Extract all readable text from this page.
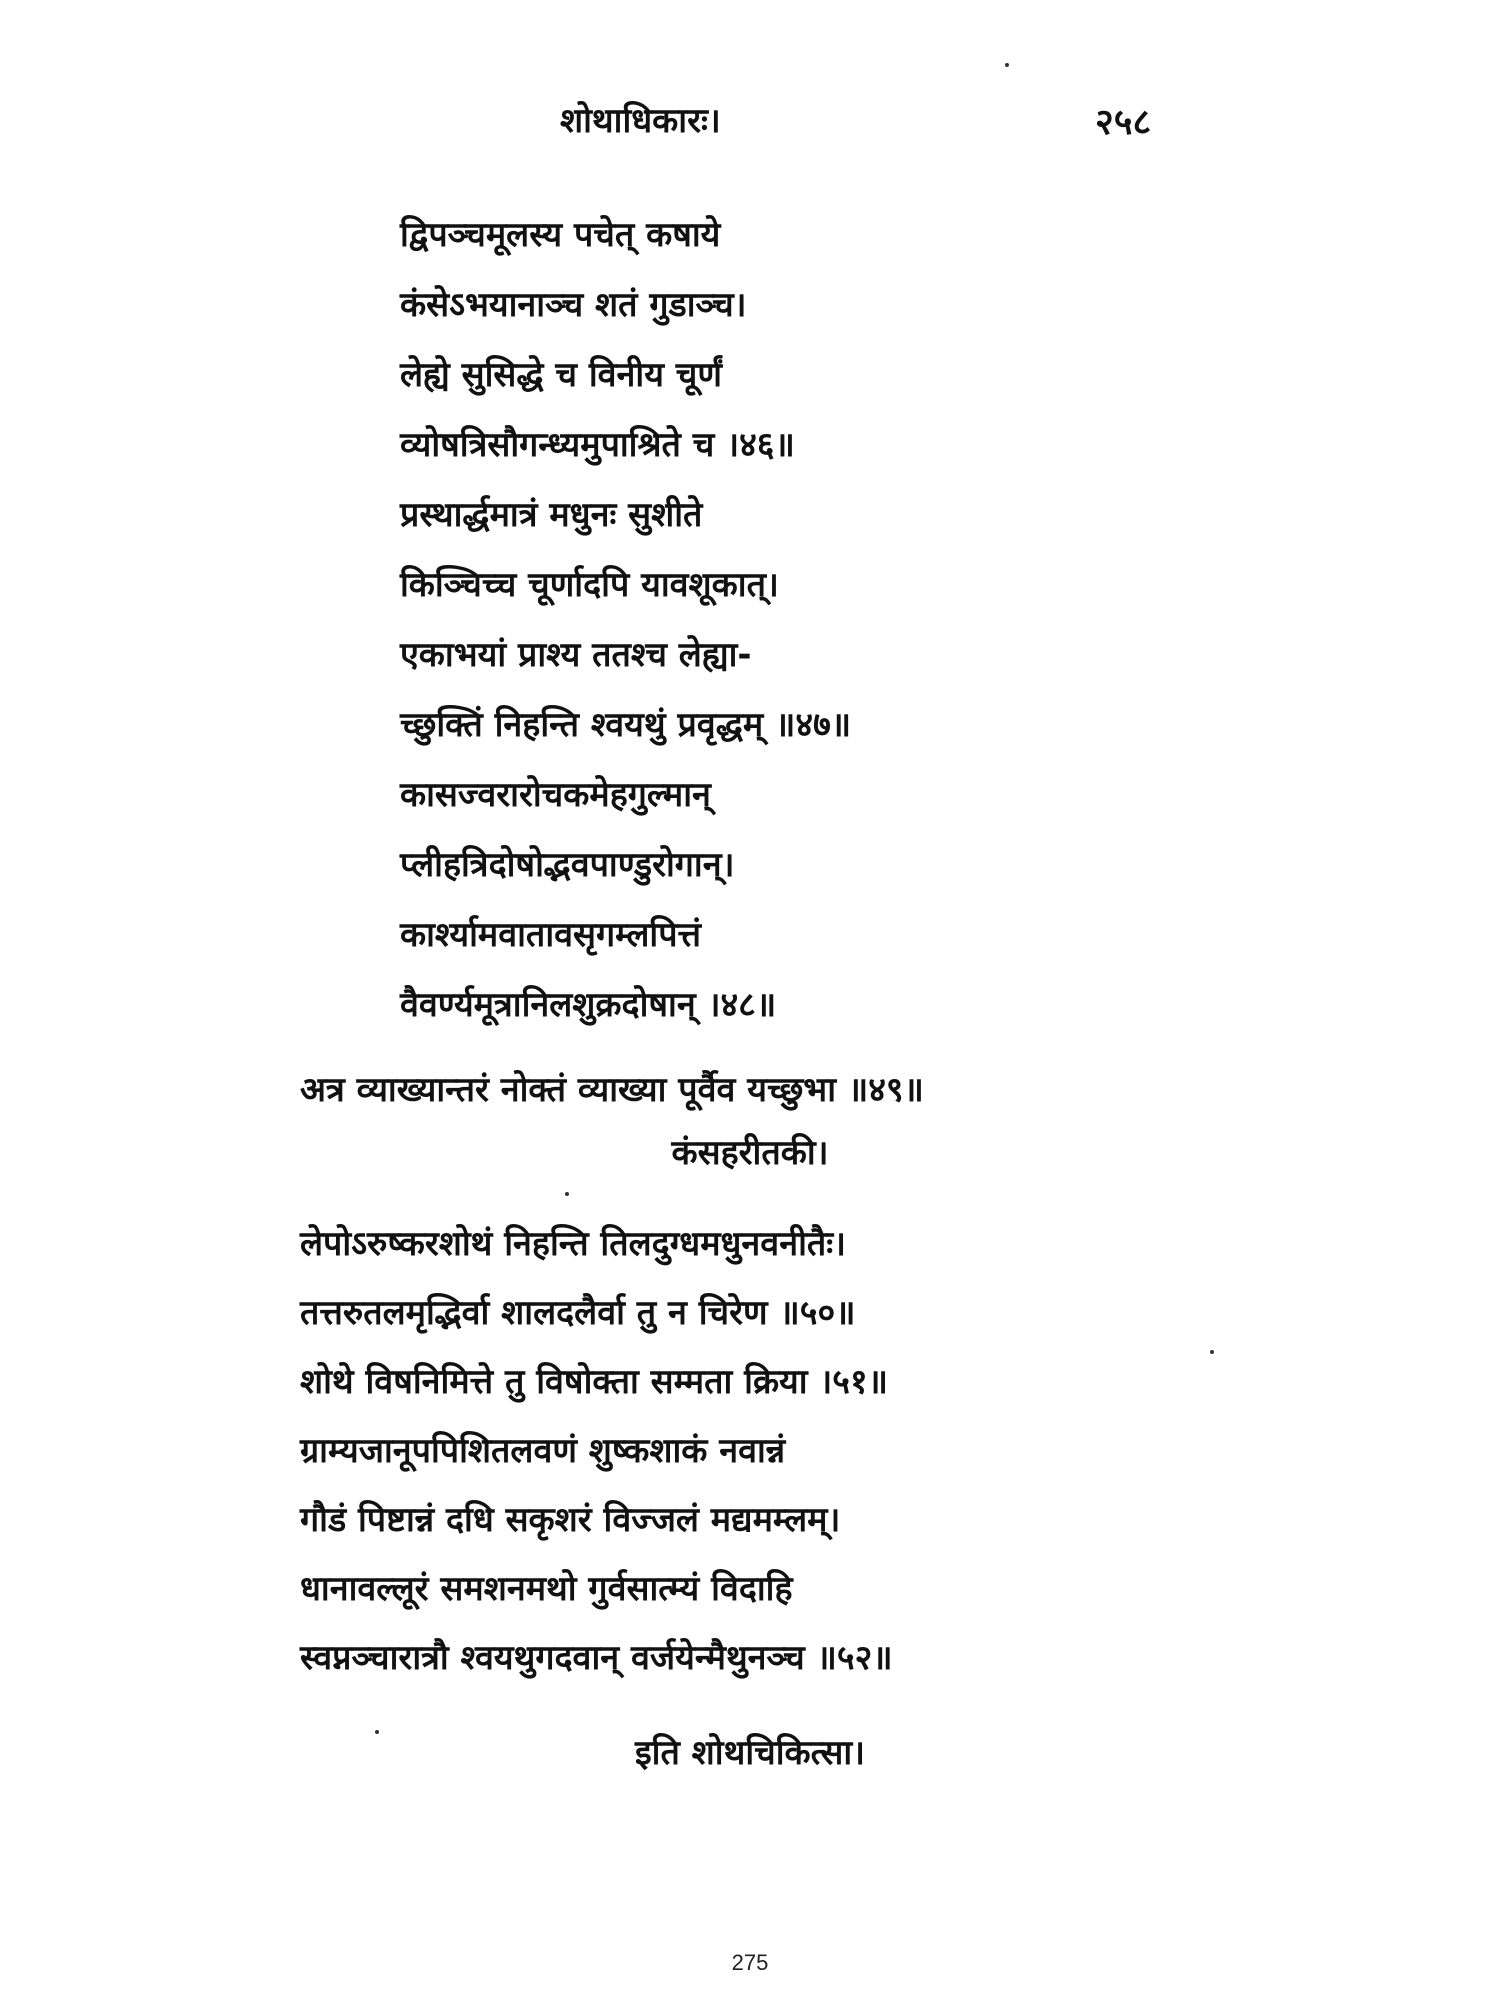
शोथाधिकारः।	२५८
द्विपञ्चमूलस्य पचेत् कषाये
कंसेऽभयानाञ्च शतं गुडाञ्च।
लेह्ये सुसिद्धे च विनीय चूर्णं
व्योषत्रिसौगन्ध्यमुपाश्रिते च ।४६॥
प्रस्थार्द्धमात्रं मधुनः सुशीते
किञ्चिच्च चूर्णादपि यावशूकात्।
एकाभयां प्राश्य ततश्च लेह्या-
च्छुक्तिं निहन्ति श्वयथुं प्रवृद्धम् ॥४७॥
कासज्वरारोचकमेहगुल्मान्
प्लीहत्रिदोषोद्भवपाण्डुरोगान्।
कार्श्यामवातावसृगम्लपित्तं
वैवर्ण्यमूत्रानिलशुक्रदोषान् ।४८॥
अत्र व्याख्यान्तरं नोक्तं व्याख्या पूर्वैव यच्छुभा ॥४९॥
कंसहरीतकी।
लेपोऽरुष्करशोथं निहन्ति तिलदुग्धमधुनवनीतैः।
तत्तरुतलमृद्भिर्वा शालदलैर्वा तु न चिरेण ॥५०॥
शोथे विषनिमित्ते तु विषोक्ता सम्मता क्रिया ।५१॥
ग्राम्यजानूपपिशितलवणं शुष्कशाकं नवान्नं
गौडं पिष्टान्नं दधि सकृशरं विज्जलं मद्यमम्लम्।
धानावल्लूरं समशनमथो गुर्वसात्म्यं विदाहि
स्वप्नञ्चारात्रौ श्वयथुगदवान् वर्जयेन्मैथुनञ्च ॥५२॥
इति शोथचिकित्सा।
275
